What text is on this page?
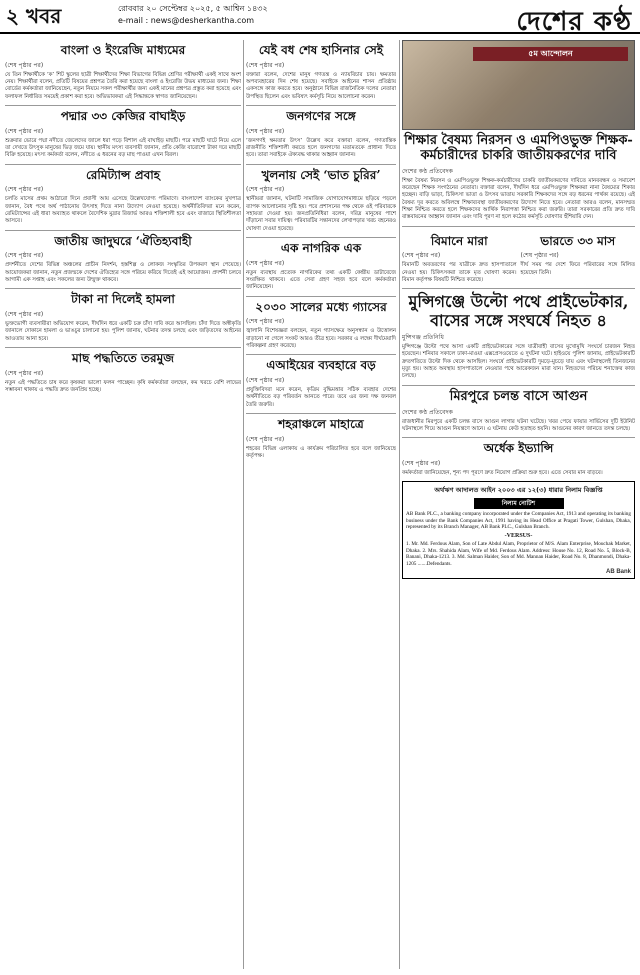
২ খবর	রোববার ২০ সেপ্টেম্বর ২০২৫, ৫ আশ্বিন ১৪৩২
e-mail : news@desherkantha.com	দেশের কণ্ঠ
বাংলা ও ইংরেজি মাধ্যমের
(শেষ পৃষ্ঠার পর)

যে তিন শিক্ষার্থীকে ‘ক’ শিট স্কুলের ছাত্রী শিক্ষার্থীদের শিক্ষা বিভাগের বিভিন্ন শ্রেণির পরীক্ষার্থী একই সাথে অংশ নেয়। শিক্ষার্থীরা বলেন, প্রতিটি বিষয়ের প্রশ্নপত্র তৈরি করা হয়েছে বাংলা ও ইংরেজি উভয় মাধ্যমের জন্য। শিক্ষা বোর্ডের কর্মকর্তারা জানিয়েছেন, নতুন নিয়মে সকল পরীক্ষার্থীর জন্য একই মানের প্রশ্নপত্র প্রস্তুত করা হয়েছে এবং ফলাফল নির্ধারিত সময়েই প্রকাশ করা হবে। অভিভাবকরা এই সিদ্ধান্তকে স্বাগত জানিয়েছেন।

পদ্মার ৩৩ কেজির বাঘাইড়
(শেষ পৃষ্ঠার পর)

শুক্রবার ভোরে পদ্মা নদীতে জেলেদের জালে ধরা পড়ে বিশাল এই বাঘাইড় মাছটি। পরে মাছটি ঘাটে নিয়ে এলে তা দেখতে উৎসুক মানুষের ভিড় জমে যায়। স্থানীয় মৎস্য ব্যবসায়ী জানান, প্রতি কেজি বারোশো টাকা দরে মাছটি বিক্রি হয়েছে। মৎস্য কর্মকর্তা বলেন, নদীতে এ ধরনের বড় মাছ পাওয়া এখন বিরল।

রেমিট্যান্স প্রবাহ
(শেষ পৃষ্ঠার পর)

চলতি মাসের প্রথম আঠারো দিনে প্রবাসী আয় এসেছে উল্লেখযোগ্য পরিমাণে। বাংলাদেশ ব্যাংকের মুখপাত্র জানান, বৈধ পথে অর্থ পাঠানোয় উৎসাহ দিতে নানা উদ্যোগ নেওয়া হয়েছে। অর্থনীতিবিদরা মনে করেন, রেমিট্যান্সের এই ধারা অব্যাহত থাকলে বৈদেশিক মুদ্রার রিজার্ভ আরও শক্তিশালী হবে এবং বাজারে স্থিতিশীলতা আসবে।

জাতীয় জাদুঘরে ‘ঐতিহ্যবাহী
(শেষ পৃষ্ঠার পর)

প্রদর্শনীতে দেশের বিভিন্ন অঞ্চলের প্রাচীন নিদর্শন, হস্তশিল্প ও লোকজ সংস্কৃতির উপকরণ স্থান পেয়েছে। আয়োজকরা জানান, নতুন প্রজন্মকে দেশের ঐতিহ্যের সঙ্গে পরিচয় করিয়ে দিতেই এই আয়োজন। প্রদর্শনী চলবে আগামী এক সপ্তাহ এবং সকলের জন্য উন্মুক্ত থাকবে।

টাকা না দিলেই হামলা
(শেষ পৃষ্ঠার পর)

ভুক্তভোগী ব্যবসায়ীরা অভিযোগ করেন, দীর্ঘদিন ধরে একটি চক্র চাঁদা দাবি করে আসছিল। চাঁদা দিতে অস্বীকৃতি জানালে দোকানে হামলা ও ভাঙচুর চালানো হয়। পুলিশ জানায়, ঘটনার তদন্ত চলছে এবং জড়িতদের আইনের আওতায় আনা হবে।

মাছ পদ্ধতিতে তরমুজ
(শেষ পৃষ্ঠার পর)

নতুন এই পদ্ধতিতে চাষ করে কৃষকরা ভালো ফলন পাচ্ছেন। কৃষি কর্মকর্তারা বলছেন, কম খরচে বেশি লাভের সম্ভাবনা থাকায় এ পদ্ধতি দ্রুত জনপ্রিয় হচ্ছে।

যেই বধ শেষ হাসিনার সেই
(শেষ পৃষ্ঠার পর)

বক্তারা বলেন, দেশের মানুষ গণতন্ত্র ও ন্যায়বিচার চায়। ক্ষমতার অপব্যবহারের দিন শেষ হয়েছে। সবাইকে আইনের শাসন প্রতিষ্ঠায় একসঙ্গে কাজ করতে হবে। অনুষ্ঠানে বিভিন্ন রাজনৈতিক দলের নেতারা উপস্থিত ছিলেন এবং ভবিষ্যৎ কর্মসূচি নিয়ে আলোচনা করেন।

জনগণের সঙ্গে
(শেষ পৃষ্ঠার পর)

‘জনগণই ক্ষমতার উৎস’ উল্লেখ করে বক্তারা বলেন, গণতান্ত্রিক রাজনীতি শক্তিশালী করতে হলে জনগণের মতামতকে প্রাধান্য দিতে হবে। তারা সবাইকে ঐক্যবদ্ধ থাকার আহ্বান জানান।

খুলনায় সেই ‘ভাত চুরির’
(শেষ পৃষ্ঠার পর)

স্থানীয়রা জানান, ঘটনাটি সামাজিক যোগাযোগমাধ্যমে ছড়িয়ে পড়লে ব্যাপক আলোচনার সৃষ্টি হয়। পরে প্রশাসনের পক্ষ থেকে ওই পরিবারকে সহায়তা দেওয়া হয়। জনপ্রতিনিধিরা বলেন, দরিদ্র মানুষের পাশে দাঁড়ানো সবার দায়িত্ব। পরিবারটির সন্তানদের লেখাপড়ার খরচ বহনেরও ঘোষণা দেওয়া হয়েছে।

এক নাগরিক এক
(শেষ পৃষ্ঠার পর)

নতুন ব্যবস্থায় প্রত্যেক নাগরিকের তথ্য একটি কেন্দ্রীয় ডাটাবেজে সংরক্ষিত থাকবে। এতে সেবা গ্রহণ সহজ হবে বলে কর্মকর্তারা জানিয়েছেন।

২০৩০ সালের মধ্যে গ্যাসের
(শেষ পৃষ্ঠার পর)

জ্বালানি বিশেষজ্ঞরা বলছেন, নতুন গ্যাসক্ষেত্র অনুসন্ধান ও উত্তোলন বাড়ানো না গেলে সংকট আরও তীব্র হবে। সরকার এ লক্ষ্যে দীর্ঘমেয়াদি পরিকল্পনা গ্রহণ করেছে।

এআইয়ের ব্যবহারে বড়
(শেষ পৃষ্ঠার পর)

প্রযুক্তিবিদরা মনে করেন, কৃত্রিম বুদ্ধিমত্তার সঠিক ব্যবহার দেশের অর্থনীতিতে বড় পরিবর্তন আনতে পারে। তবে এর জন্য দক্ষ জনবল তৈরি জরুরি।

শহরাঞ্চলে মাহাত্রে
(শেষ পৃষ্ঠার পর)

শহরের বিভিন্ন এলাকায় এ কার্যক্রম পরিচালিত হবে বলে জানিয়েছে কর্তৃপক্ষ।

৫ম আন্দোলন
শিক্ষার বৈষম্য নিরসন ও এমপিওভুক্ত শিক্ষক-কর্মচারীদের চাকরি জাতীয়করণের দাবি
দেশের কণ্ঠ প্রতিবেদক

শিক্ষা বৈষম্য নিরসন ও এমপিওভুক্ত শিক্ষক-কর্মচারীদের চাকরি জাতীয়করণের দাবিতে মানববন্ধন ও সমাবেশ করেছেন শিক্ষক সংগঠনের নেতারা। বক্তারা বলেন, দীর্ঘদিন ধরে এমপিওভুক্ত শিক্ষকরা নানা বৈষম্যের শিকার হচ্ছেন। বাড়ি ভাড়া, চিকিৎসা ভাতা ও উৎসব ভাতায় সরকারি শিক্ষকদের সঙ্গে বড় ধরনের পার্থক্য রয়েছে। এই বৈষম্য দূর করতে অবিলম্বে শিক্ষাব্যবস্থা জাতীয়করণের উদ্যোগ নিতে হবে। নেতারা আরও বলেন, মানসম্মত শিক্ষা নিশ্চিত করতে হলে শিক্ষকদের আর্থিক নিরাপত্তা নিশ্চিত করা জরুরি। তারা সরকারের প্রতি দ্রুত দাবি বাস্তবায়নের আহ্বান জানান এবং দাবি পূরণ না হলে কঠোর কর্মসূচি ঘোষণার হুঁশিয়ারি দেন।

বিমানে মারা
(শেষ পৃষ্ঠার পর)

বিমানটি অবতরণের পর যাত্রীকে দ্রুত হাসপাতালে নেওয়া হয়। চিকিৎসকরা তাকে মৃত ঘোষণা করেন। বিমান কর্তৃপক্ষ বিষয়টি নিশ্চিত করেছে।

ভারতে ৩৩ মাস
(শেষ পৃষ্ঠার পর)

দীর্ঘ সময় পর দেশে ফিরে পরিবারের সঙ্গে মিলিত হয়েছেন তিনি।

মুন্সিগঞ্জে উল্টো পথে প্রাইভেটকার, বাসের সঙ্গে সংঘর্ষে নিহত ৪
মুন্সিগঞ্জ প্রতিনিধি

মুন্সিগঞ্জে উল্টো পথে আসা একটি প্রাইভেটকারের সঙ্গে যাত্রীবাহী বাসের মুখোমুখি সংঘর্ষে চারজন নিহত হয়েছেন। শনিবার সকালে ঢাকা-মাওয়া এক্সপ্রেসওয়েতে এ দুর্ঘটনা ঘটে। হাইওয়ে পুলিশ জানায়, প্রাইভেটকারটি দ্রুতগতিতে উল্টো দিক থেকে আসছিল। সংঘর্ষে প্রাইভেটকারটি দুমড়ে-মুচড়ে যায় এবং ঘটনাস্থলেই তিনজনের মৃত্যু হয়। আহত অবস্থায় হাসপাতালে নেওয়ার পথে আরেকজন মারা যান। নিহতদের পরিচয় শনাক্তের কাজ চলছে।

মিরপুরে চলন্ত বাসে আগুন
দেশের কণ্ঠ প্রতিবেদক

রাজধানীর মিরপুরে একটি চলন্ত বাসে আগুন লাগার ঘটনা ঘটেছে। খবর পেয়ে ফায়ার সার্ভিসের দুটি ইউনিট ঘটনাস্থলে গিয়ে আগুন নিয়ন্ত্রণে আনে। এ ঘটনায় কেউ হতাহত হয়নি। আগুনের কারণ জানতে তদন্ত চলছে।

অর্ধেক ইভ্যান্সি
(শেষ পৃষ্ঠার পর)

কর্মকর্তারা জানিয়েছেন, শূন্য পদ পূরণে দ্রুত নিয়োগ প্রক্রিয়া শুরু হবে। এতে সেবার মান বাড়বে।

অর্থঋণ আদালত আইন ২০০৩ এর ১২(৩) ধারার নিলাম বিজ্ঞপ্তি
নিলাম নোটিশ

AB Bank PLC., a banking company incorporated under the Companies Act, 1913 and operating its banking business under the Bank Companies Act, 1991 having its Head Office at Pragati Tower, Gulshan, Dhaka, represented by its Branch Manager, AB Bank PLC., Gulshan Branch.

-VERSUS-

1. Mr. Md. Ferdous Alam, Son of Late Abdul Alam, Proprietor of M/S. Alam Enterprise, Mouchak Market, Dhaka. 2. Mrs. Shahida Alam, Wife of Md. Ferdous Alam. Address: House No. 12, Road No. 5, Block-B, Banani, Dhaka-1213. 3. Md. Salman Haider, Son of Md. Mannan Haider, Road No. 8, Dhanmondi, Dhaka-1205 .......Defendants.

AB Bank
